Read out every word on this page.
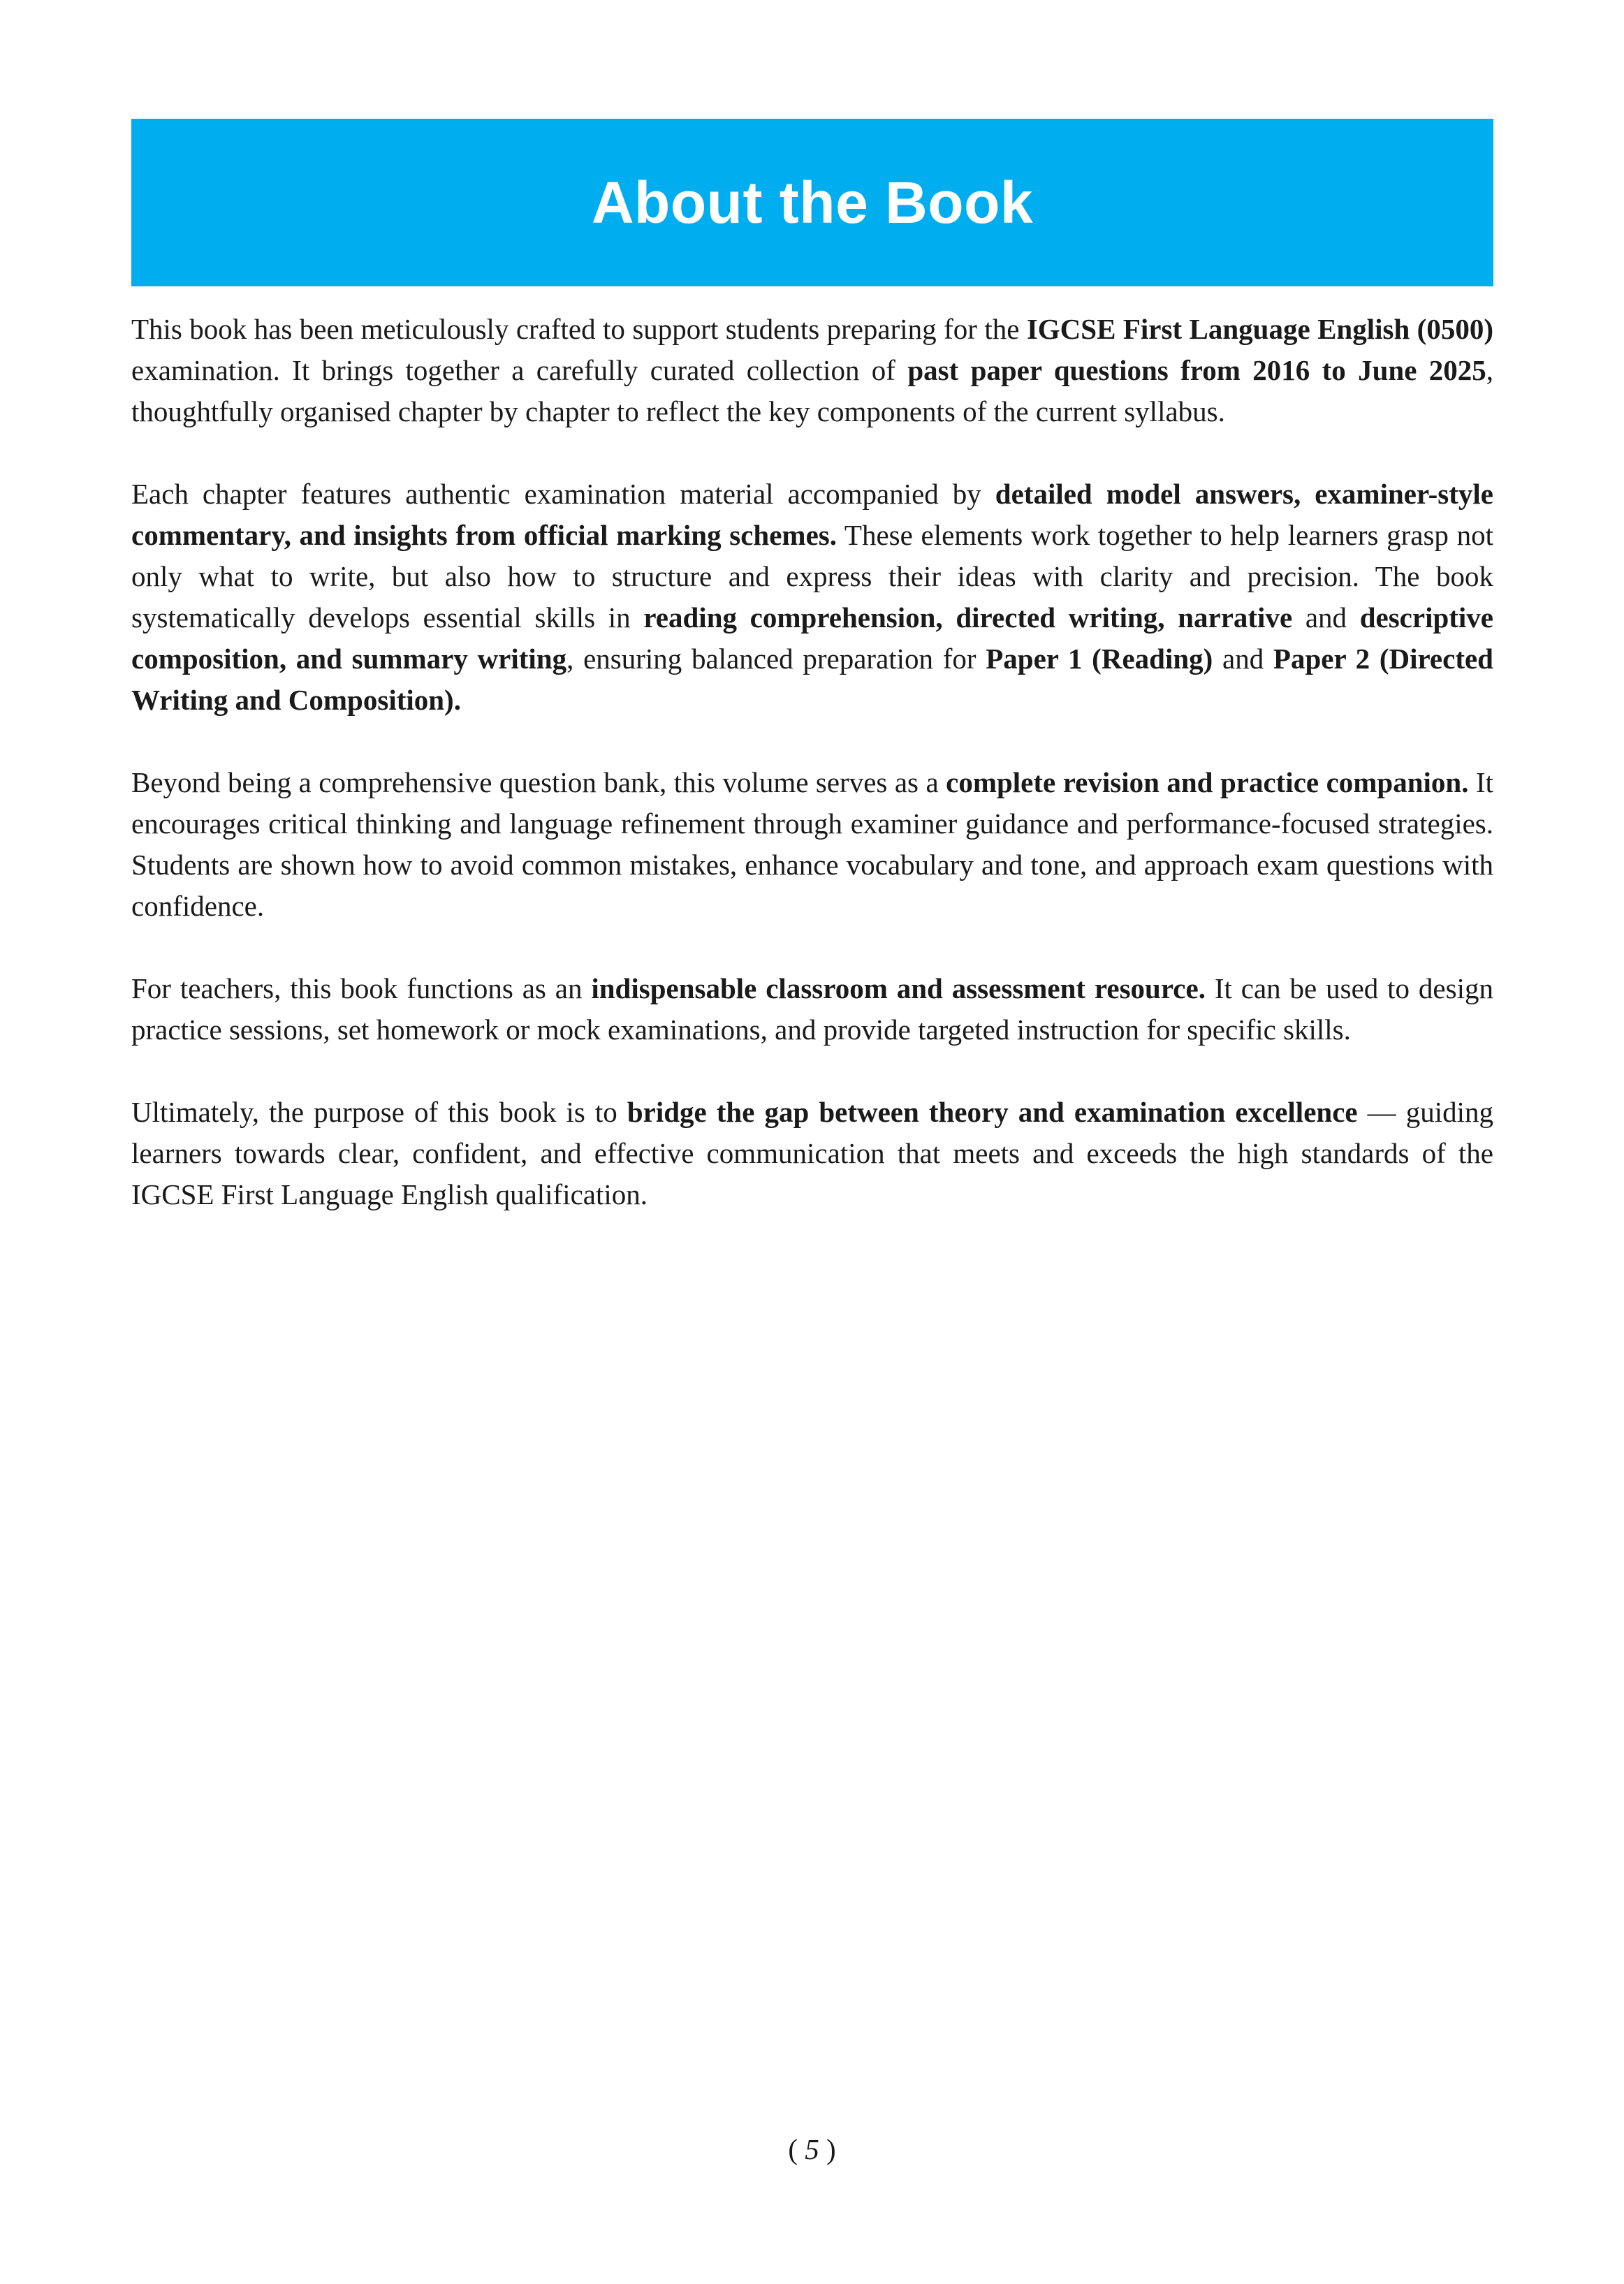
About the Book

This book has been meticulously crafted to support students preparing for the IGCSE First Language English (0500) examination. It brings together a carefully curated collection of past paper questions from 2016 to June 2025, thoughtfully organised chapter by chapter to reflect the key components of the current syllabus.

Each chapter features authentic examination material accompanied by detailed model answers, examiner-style commentary, and insights from official marking schemes. These elements work together to help learners grasp not only what to write, but also how to structure and express their ideas with clarity and precision. The book systematically develops essential skills in reading comprehension, directed writing, narrative and descriptive composition, and summary writing, ensuring balanced preparation for Paper 1 (Reading) and Paper 2 (Directed Writing and Composition).

Beyond being a comprehensive question bank, this volume serves as a complete revision and practice companion. It encourages critical thinking and language refinement through examiner guidance and performance-focused strategies. Students are shown how to avoid common mistakes, enhance vocabulary and tone, and approach exam questions with confidence.

For teachers, this book functions as an indispensable classroom and assessment resource. It can be used to design practice sessions, set homework or mock examinations, and provide targeted instruction for specific skills.

Ultimately, the purpose of this book is to bridge the gap between theory and examination excellence — guiding learners towards clear, confident, and effective communication that meets and exceeds the high standards of the IGCSE First Language English qualification.

( 5 )
